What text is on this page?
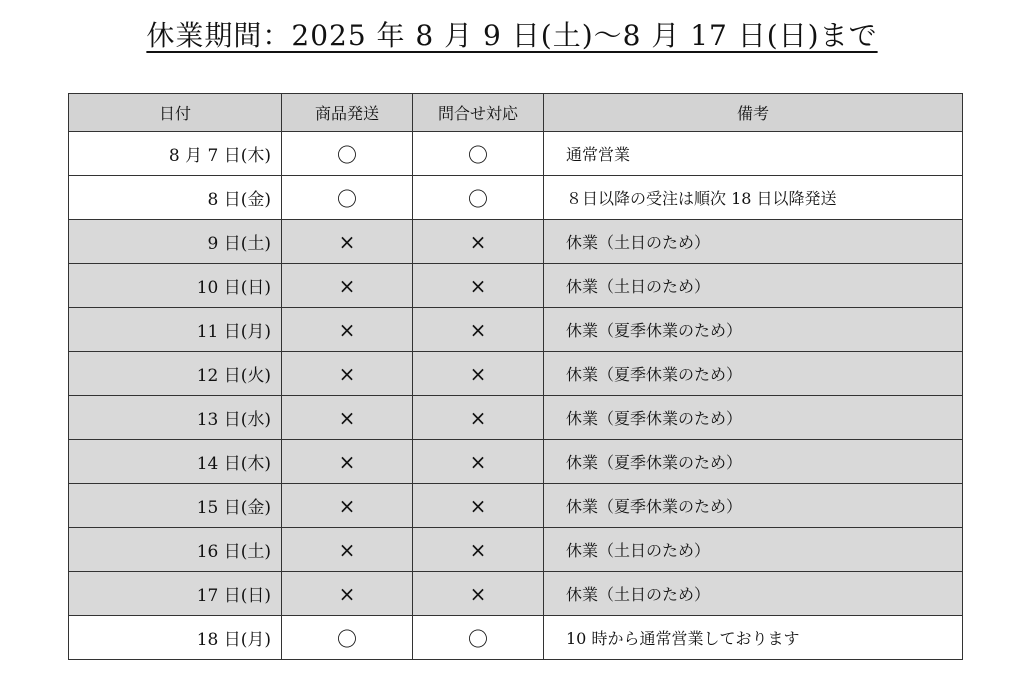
休業期間：2025 年 8 月 9 日(土)〜8 月 17 日(日)まで
日付	商品発送	問合せ対応	備考
8 月 7 日(木)	〇	〇	通常営業
8 日(金)	〇	〇	８日以降の受注は順次 18 日以降発送
9 日(土)	×	×	休業（土日のため）
10 日(日)	×	×	休業（土日のため）
11 日(月)	×	×	休業（夏季休業のため）
12 日(火)	×	×	休業（夏季休業のため）
13 日(水)	×	×	休業（夏季休業のため）
14 日(木)	×	×	休業（夏季休業のため）
15 日(金)	×	×	休業（夏季休業のため）
16 日(土)	×	×	休業（土日のため）
17 日(日)	×	×	休業（土日のため）
18 日(月)	〇	〇	10 時から通常営業しております
